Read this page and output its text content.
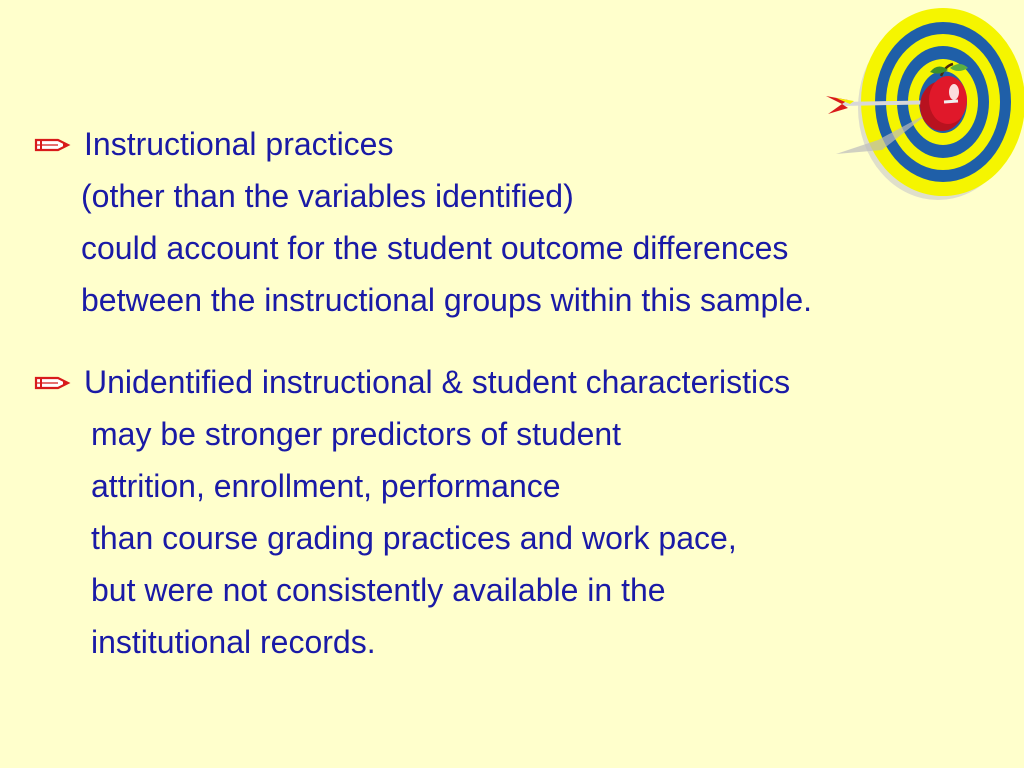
Instructional practices
(other than the variables identified)
could account for the student outcome differences
between the instructional groups within this sample.
Unidentified instructional & student characteristics
may be stronger predictors of student
attrition, enrollment, performance
than course grading practices and work pace,
but were not consistently available in the
institutional records.
